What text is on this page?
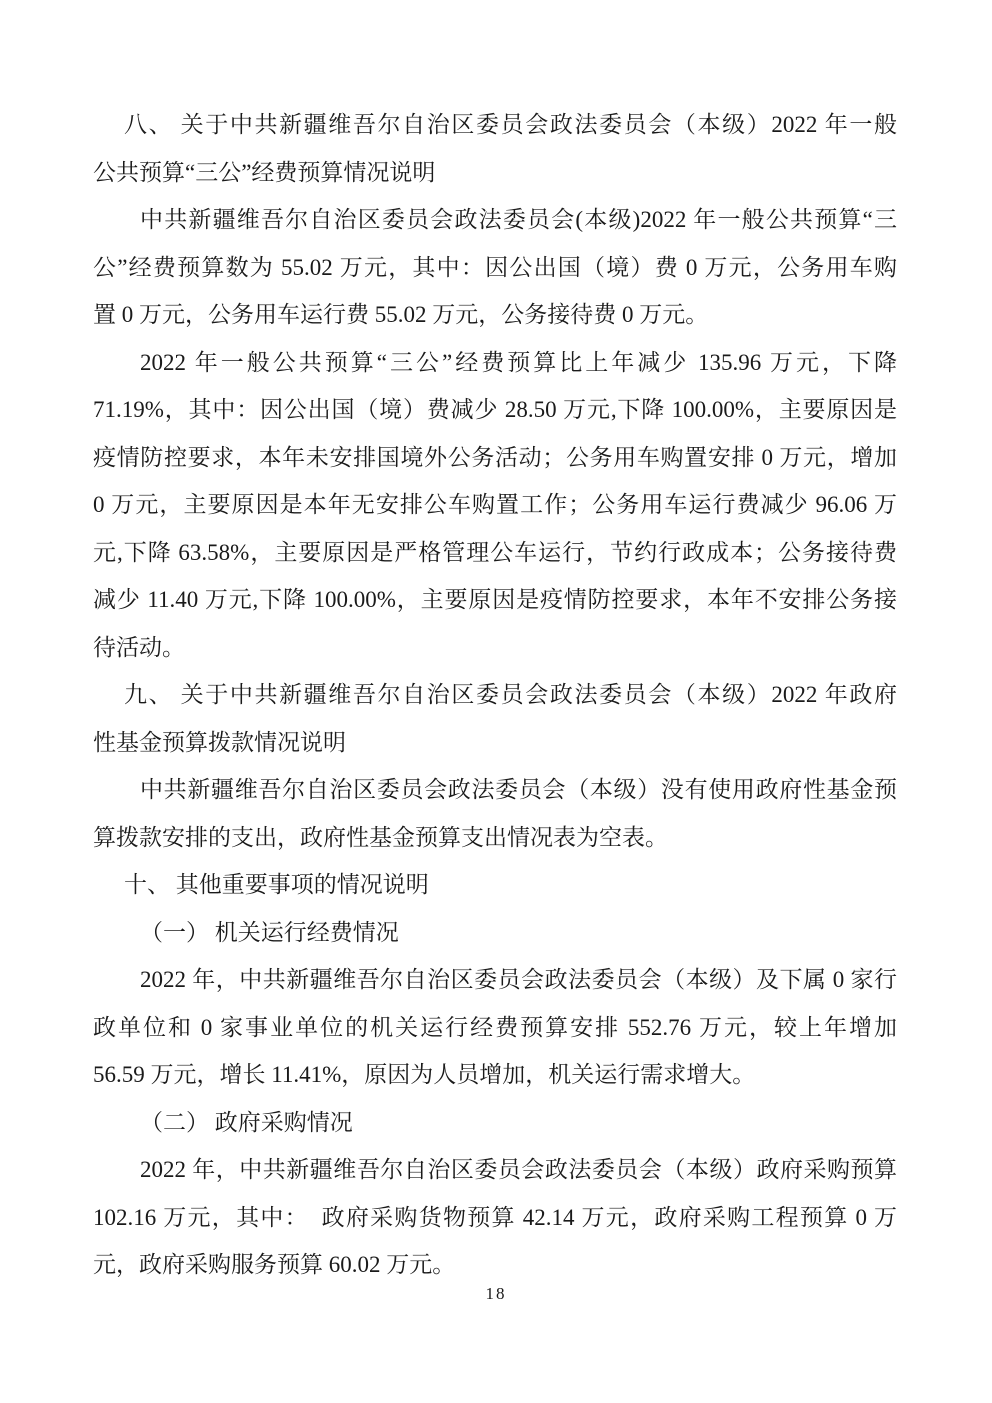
八、 关于中共新疆维吾尔自治区委员会政法委员会（本级）2022 年一般
公共预算“三公”经费预算情况说明
中共新疆维吾尔自治区委员会政法委员会(本级)2022 年一般公共预算“三
公”经费预算数为 55.02 万元，其中：因公出国（境）费 0 万元，公务用车购
置 0 万元，公务用车运行费 55.02 万元，公务接待费 0 万元。
2022 年一般公共预算“三公”经费预算比上年减少 135.96 万元，下降
71.19%，其中：因公出国（境）费减少 28.50 万元,下降 100.00%，主要原因是
疫情防控要求，本年未安排国境外公务活动；公务用车购置安排 0 万元，增加
0 万元，主要原因是本年无安排公车购置工作；公务用车运行费减少 96.06 万
元,下降 63.58%，主要原因是严格管理公车运行，节约行政成本；公务接待费
减少 11.40 万元,下降 100.00%，主要原因是疫情防控要求，本年不安排公务接
待活动。
九、 关于中共新疆维吾尔自治区委员会政法委员会（本级）2022 年政府
性基金预算拨款情况说明
中共新疆维吾尔自治区委员会政法委员会（本级）没有使用政府性基金预
算拨款安排的支出，政府性基金预算支出情况表为空表。
十、 其他重要事项的情况说明
（一） 机关运行经费情况
2022 年，中共新疆维吾尔自治区委员会政法委员会（本级）及下属 0 家行
政单位和 0 家事业单位的机关运行经费预算安排 552.76 万元，较上年增加
56.59 万元，增长 11.41%，原因为人员增加，机关运行需求增大。
（二） 政府采购情况
2022 年，中共新疆维吾尔自治区委员会政法委员会（本级）政府采购预算
102.16 万元，其中：　政府采购货物预算 42.14 万元，政府采购工程预算 0 万
元，政府采购服务预算 60.02 万元。
18
